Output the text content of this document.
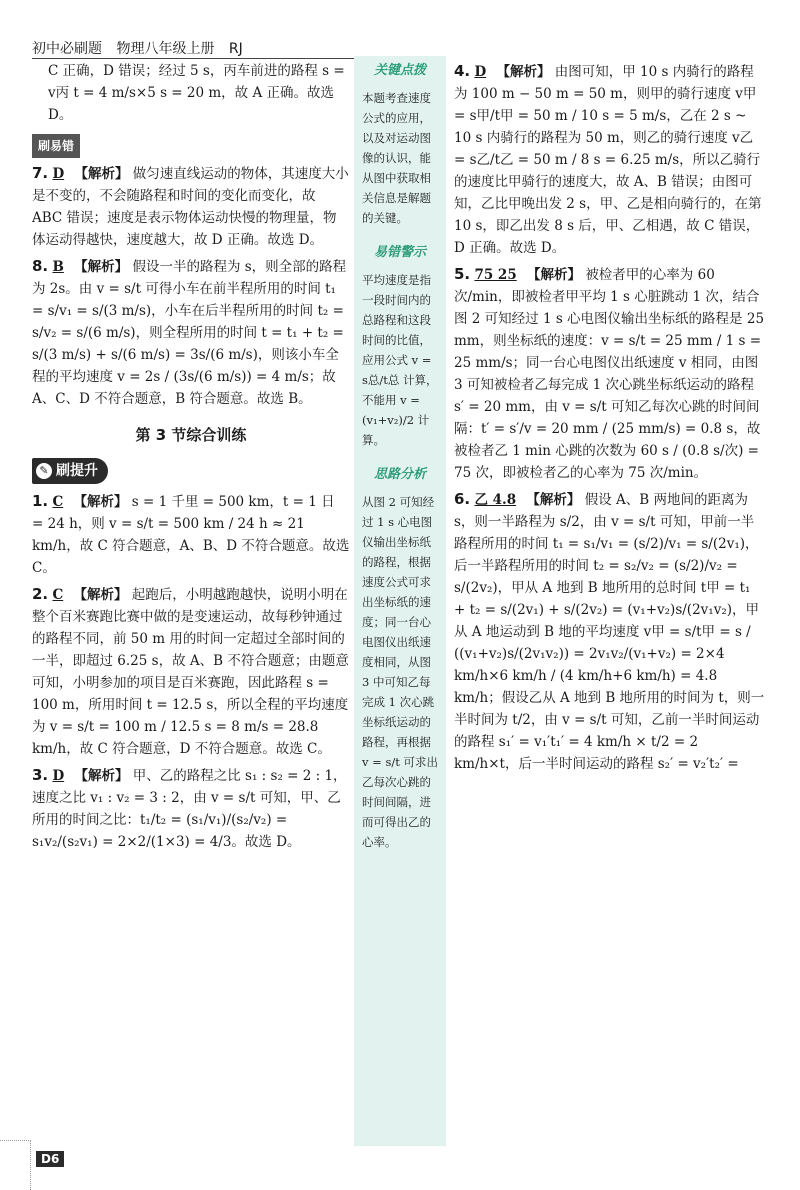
初中必刷题 物理八年级上册 RJ

C 正确，D 错误；经过 5 s，丙车前进的路程 s = v丙 t = 4 m/s×5 s = 20 m，故 A 正确。故选 D。

刷易错

7. D 【解析】 做匀速直线运动的物体，其速度大小是不变的，不会随路程和时间的变化而变化，故 ABC 错误；速度是表示物体运动快慢的物理量，物体运动得越快，速度越大，故 D 正确。故选 D。

8. B 【解析】 假设一半的路程为 s，则全部的路程为 2s。由 v = s/t 可得小车在前半程所用的时间 t₁ = s/v₁ = s/(3 m/s)，小车在后半程所用的时间 t₂ = s/v₂ = s/(6 m/s)，则全程所用的时间 t = t₁ + t₂ = s/(3 m/s) + s/(6 m/s) = 3s/(6 m/s)，则该小车全程的平均速度 v = 2s / (3s/(6 m/s)) = 4 m/s；故 A、C、D 不符合题意，B 符合题意。故选 B。

第 3 节综合训练
✎ 刷提升

1. C 【解析】 s = 1 千里 = 500 km，t = 1 日 = 24 h，则 v = s/t = 500 km / 24 h ≈ 21 km/h，故 C 符合题意，A、B、D 不符合题意。故选 C。

2. C 【解析】 起跑后，小明越跑越快，说明小明在整个百米赛跑比赛中做的是变速运动，故每秒钟通过的路程不同，前 50 m 用的时间一定超过全部时间的一半，即超过 6.25 s，故 A、B 不符合题意；由题意可知，小明参加的项目是百米赛跑，因此路程 s = 100 m，所用时间 t = 12.5 s，所以全程的平均速度为 v = s/t = 100 m / 12.5 s = 8 m/s = 28.8 km/h，故 C 符合题意，D 不符合题意。故选 C。

3. D 【解析】 甲、乙的路程之比 s₁ : s₂ = 2 : 1，速度之比 v₁ : v₂ = 3 : 2，由 v = s/t 可知，甲、乙所用的时间之比：t₁/t₂ = (s₁/v₁)/(s₂/v₂) = s₁v₂/(s₂v₁) = 2×2/(1×3) = 4/3。故选 D。

关键点拨
本题考查速度公式的应用，以及对运动图像的认识，能从图中获取相关信息是解题的关键。
易错警示
平均速度是指一段时间内的总路程和这段时间的比值，应用公式 v = s总/t总 计算，不能用 v = (v₁+v₂)/2 计算。
思路分析
从图 2 可知经过 1 s 心电图仪输出坐标纸的路程，根据速度公式可求出坐标纸的速度；同一台心电图仪出纸速度相同，从图 3 中可知乙每完成 1 次心跳坐标纸运动的路程，再根据 v = s/t 可求出乙每次心跳的时间间隔，进而可得出乙的心率。

4. D 【解析】 由图可知，甲 10 s 内骑行的路程为 100 m − 50 m = 50 m，则甲的骑行速度 v甲 = s甲/t甲 = 50 m / 10 s = 5 m/s，乙在 2 s ~ 10 s 内骑行的路程为 50 m，则乙的骑行速度 v乙 = s乙/t乙 = 50 m / 8 s = 6.25 m/s，所以乙骑行的速度比甲骑行的速度大，故 A、B 错误；由图可知，乙比甲晚出发 2 s，甲、乙是相向骑行的，在第 10 s，即乙出发 8 s 后，甲、乙相遇，故 C 错误，D 正确。故选 D。

5. 75 25 【解析】 被检者甲的心率为 60 次/min，即被检者甲平均 1 s 心脏跳动 1 次，结合图 2 可知经过 1 s 心电图仪输出坐标纸的路程是 25 mm，则坐标纸的速度：v = s/t = 25 mm / 1 s = 25 mm/s；同一台心电图仪出纸速度 v 相同，由图 3 可知被检者乙每完成 1 次心跳坐标纸运动的路程 s′ = 20 mm，由 v = s/t 可知乙每次心跳的时间间隔：t′ = s′/v = 20 mm / (25 mm/s) = 0.8 s，故被检者乙 1 min 心跳的次数为 60 s / (0.8 s/次) = 75 次，即被检者乙的心率为 75 次/min。

6. 乙 4.8 【解析】 假设 A、B 两地间的距离为 s，则一半路程为 s/2，由 v = s/t 可知，甲前一半路程所用的时间 t₁ = s₁/v₁ = (s/2)/v₁ = s/(2v₁)，后一半路程所用的时间 t₂ = s₂/v₂ = (s/2)/v₂ = s/(2v₂)，甲从 A 地到 B 地所用的总时间 t甲 = t₁ + t₂ = s/(2v₁) + s/(2v₂) = (v₁+v₂)s/(2v₁v₂)，甲从 A 地运动到 B 地的平均速度 v甲 = s/t甲 = s / ((v₁+v₂)s/(2v₁v₂)) = 2v₁v₂/(v₁+v₂) = 2×4 km/h×6 km/h / (4 km/h+6 km/h) = 4.8 km/h；假设乙从 A 地到 B 地所用的时间为 t，则一半时间为 t/2，由 v = s/t 可知，乙前一半时间运动的路程 s₁′ = v₁′t₁′ = 4 km/h × t/2 = 2 km/h×t，后一半时间运动的路程 s₂′ = v₂′t₂′ =

D6
